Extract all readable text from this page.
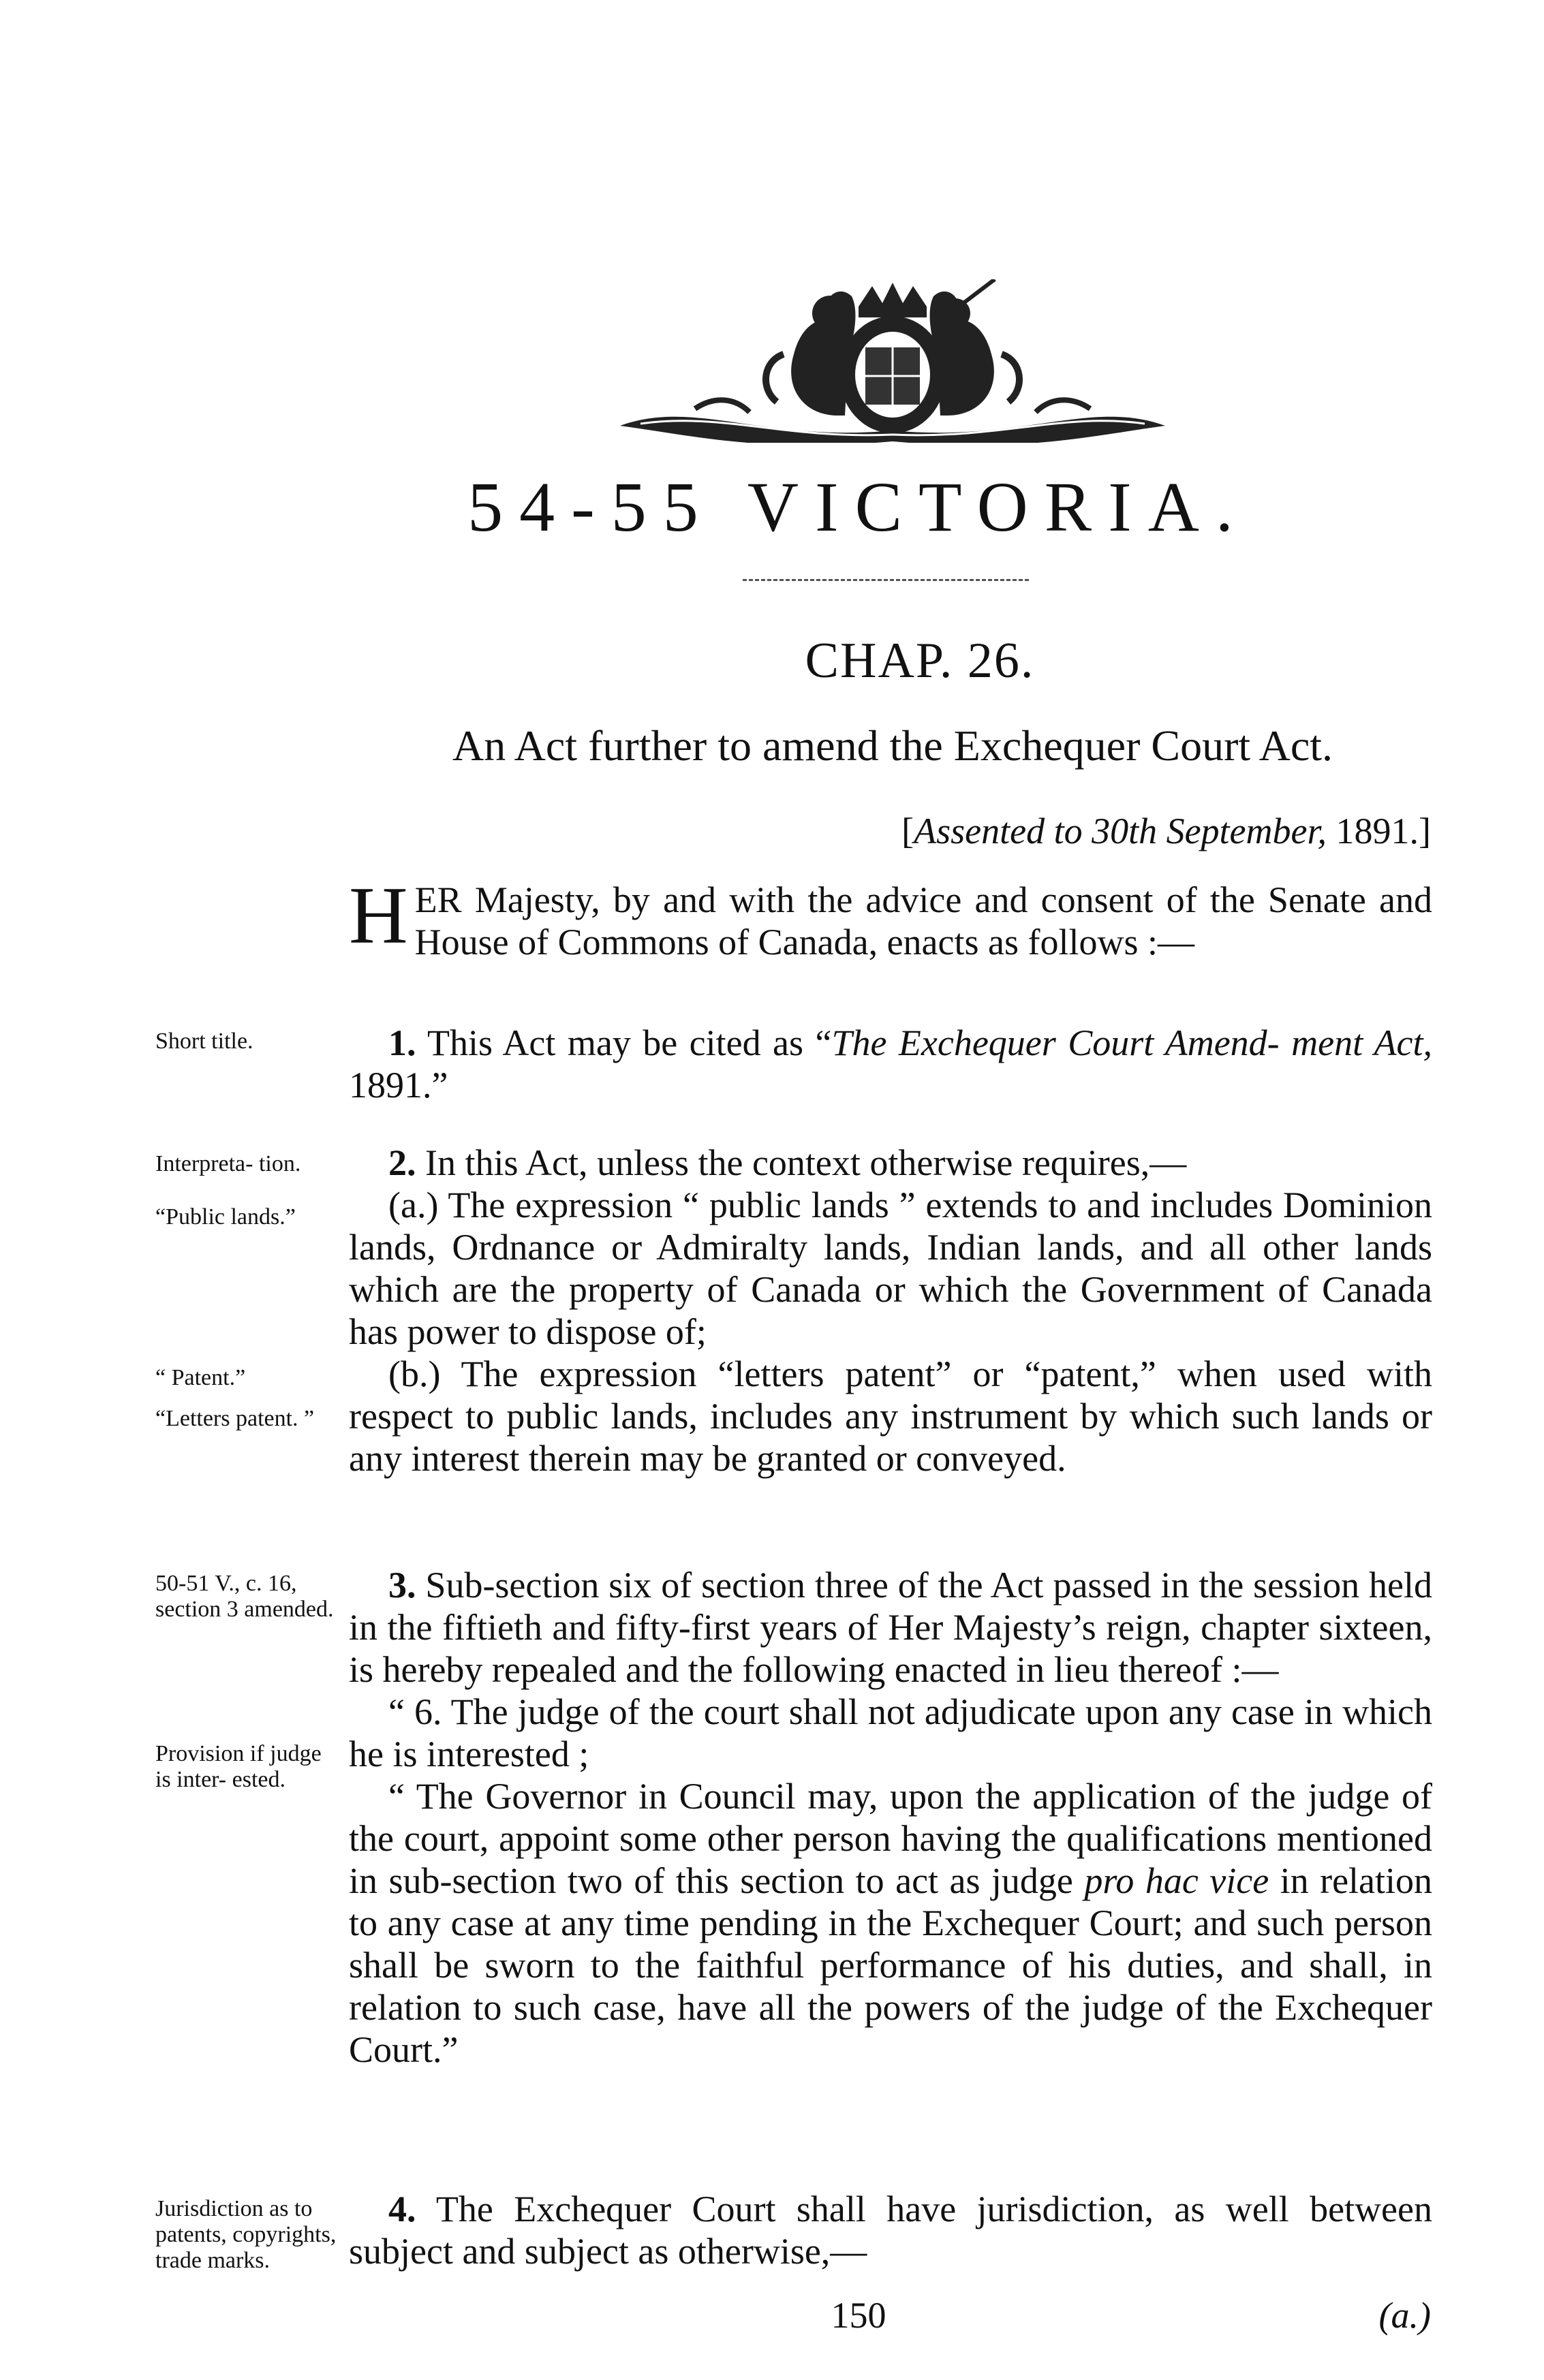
54-55 VICTORIA.
CHAP. 26.
An Act further to amend the Exchequer Court Act.
[Assented to 30th September, 1891.]

HER Majesty, by and with the advice and consent of the Senate and House of Commons of Canada, enacts as follows :—

Short title.	1. This Act may be cited as “The Exchequer Court Amend- ment Act, 1891.”

Interpreta- tion.
“Public lands.”
“ Patent.”
“Letters patent. ”

2. In this Act, unless the context otherwise requires,—

(a.) The expression “ public lands ” extends to and includes Dominion lands, Ordnance or Admiralty lands, Indian lands, and all other lands which are the property of Canada or which the Government of Canada has power to dispose of;

(b.) The expression “letters patent” or “patent,” when used with respect to public lands, includes any instrument by which such lands or any interest therein may be granted or conveyed.

50-51 V., c. 16, section 3 amended.
Provision if judge is inter- ested.

3. Sub-section six of section three of the Act passed in the session held in the fiftieth and fifty-first years of Her Majesty’s reign, chapter sixteen, is hereby repealed and the following enacted in lieu thereof :—

“ 6. The judge of the court shall not adjudicate upon any case in which he is interested ;

“ The Governor in Council may, upon the application of the judge of the court, appoint some other person having the qualifications mentioned in sub-section two of this section to act as judge pro hac vice in relation to any case at any time pending in the Exchequer Court; and such person shall be sworn to the faithful performance of his duties, and shall, in relation to such case, have all the powers of the judge of the Exchequer Court.”

Jurisdiction as to patents, copyrights, trade marks.

4. The Exchequer Court shall have jurisdiction, as well between subject and subject as otherwise,—

150	(a.)
